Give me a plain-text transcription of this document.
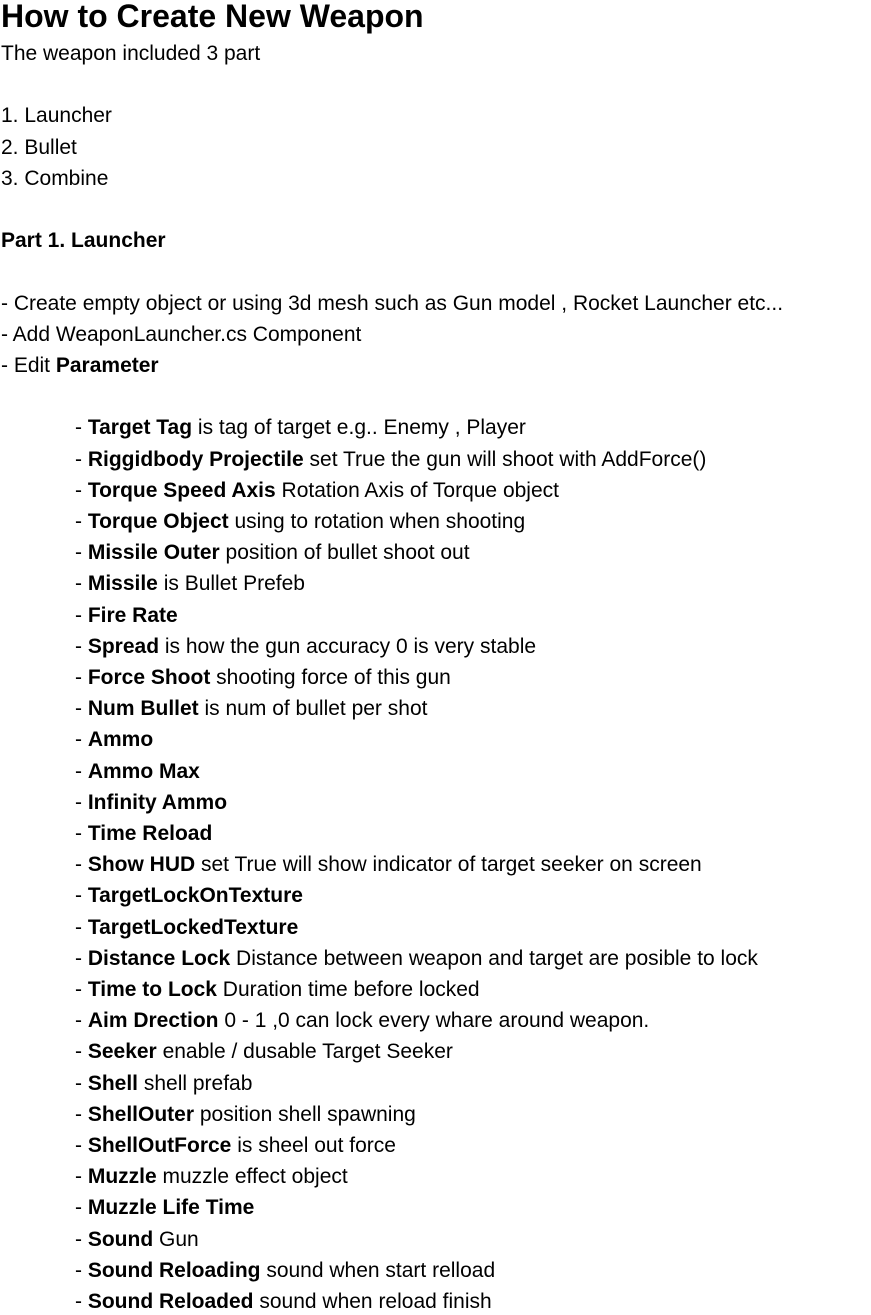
How to Create New Weapon

The weapon included 3 part

1. Launcher
2. Bullet
3. Combine

Part 1. Launcher

- Create empty object or using 3d mesh such as Gun model , Rocket Launcher etc...
- Add WeaponLauncher.cs Component
- Edit Parameter
- Target Tag is tag of target e.g.. Enemy , Player
- Riggidbody Projectile set True the gun will shoot with AddForce()
- Torque Speed Axis Rotation Axis of Torque object
- Torque Object using to rotation when shooting
- Missile Outer position of bullet shoot out
- Missile is Bullet Prefeb
- Fire Rate
- Spread is how the gun accuracy 0 is very stable
- Force Shoot shooting force of this gun
- Num Bullet is num of bullet per shot
- Ammo
- Ammo Max
- Infinity Ammo
- Time Reload
- Show HUD set True will show indicator of target seeker on screen
- TargetLockOnTexture
- TargetLockedTexture
- Distance Lock Distance between weapon and target are posible to lock
- Time to Lock Duration time before locked
- Aim Drection 0 - 1 ,0 can lock every whare around weapon.
- Seeker enable / dusable Target Seeker
- Shell shell prefab
- ShellOuter position shell spawning
- ShellOutForce is sheel out force
- Muzzle muzzle effect object
- Muzzle Life Time
- Sound Gun
- Sound Reloading sound when start relload
- Sound Reloaded sound when reload finish
